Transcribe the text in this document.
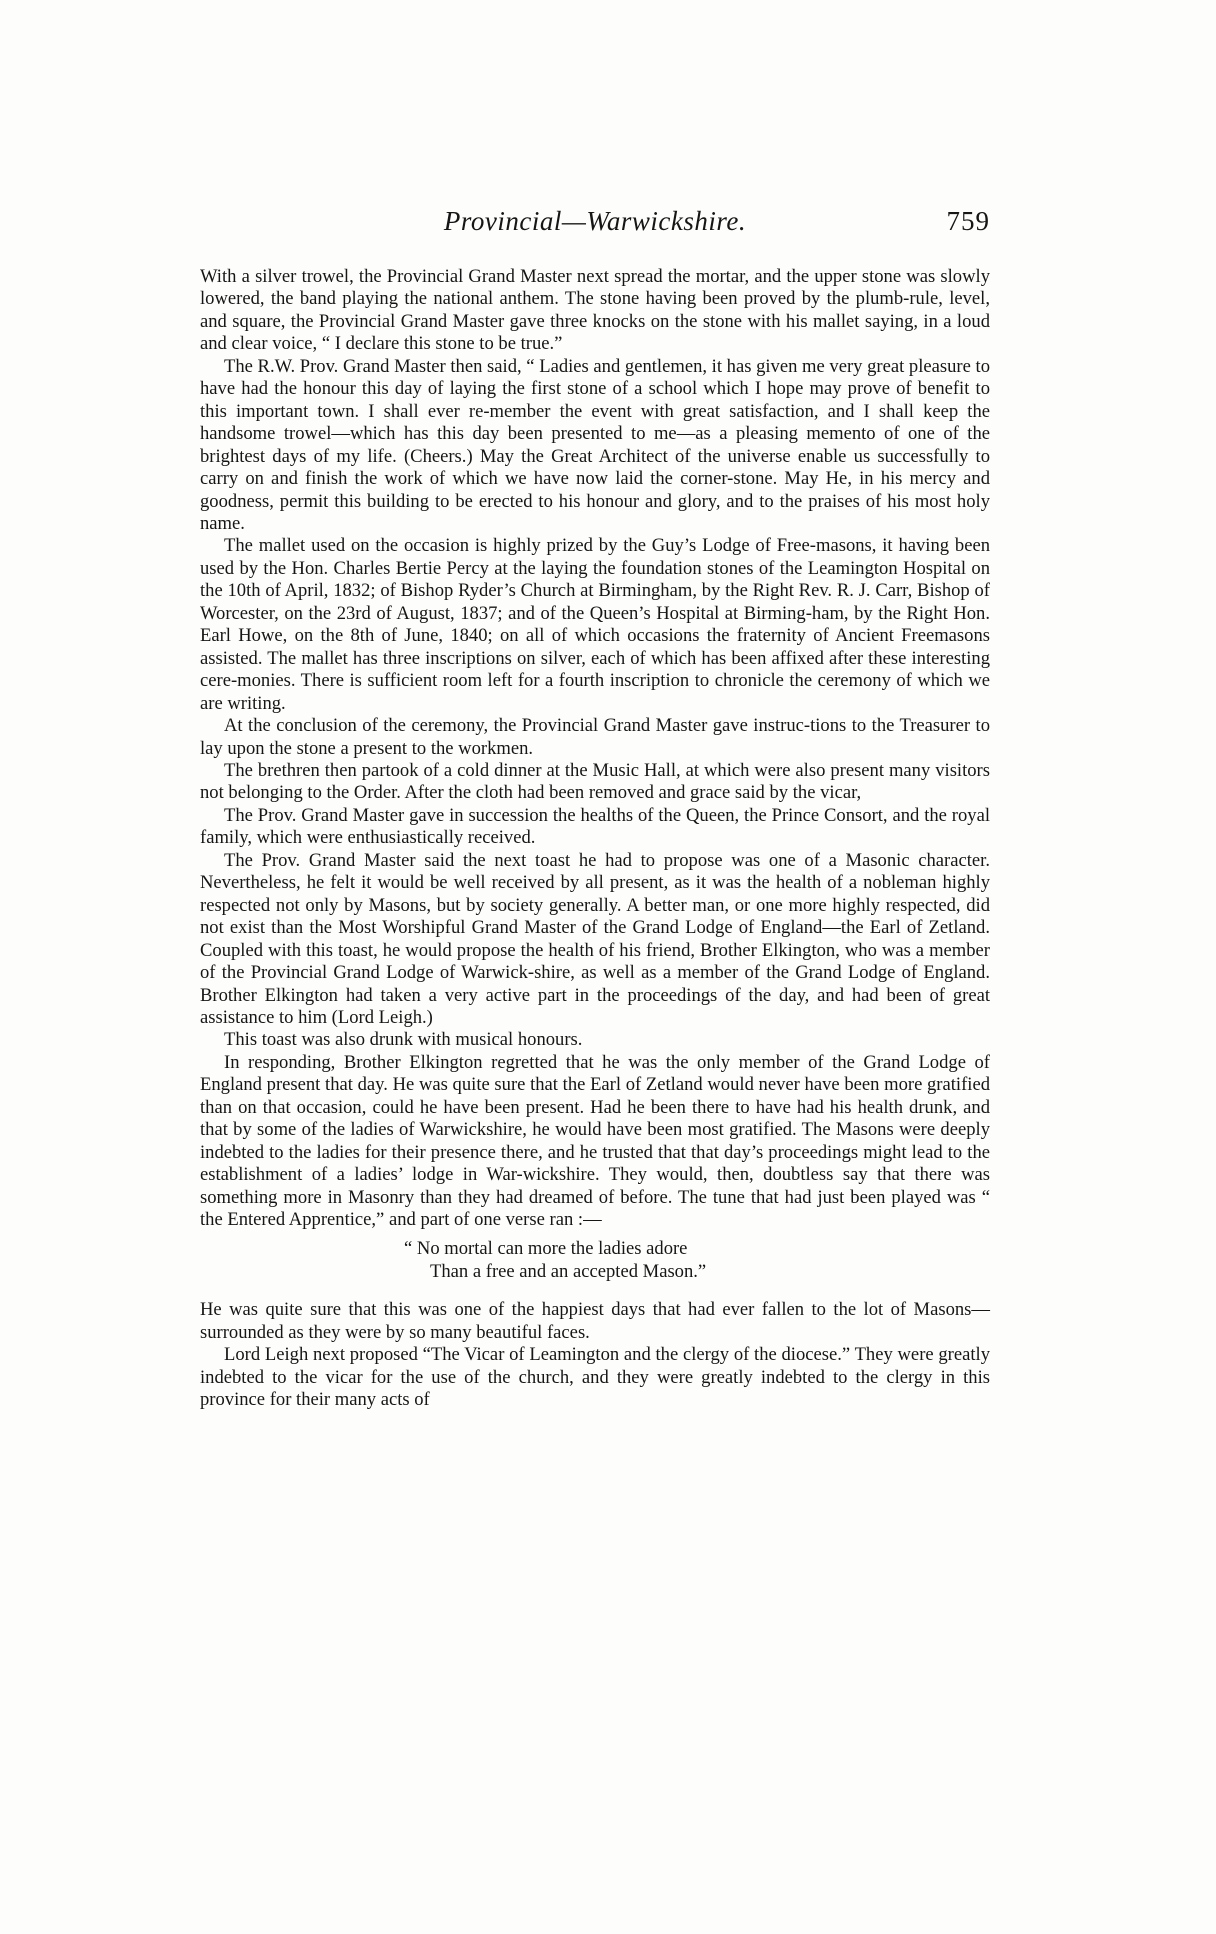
Provincial—Warwickshire.	759

With a silver trowel, the Provincial Grand Master next spread the mortar, and the upper stone was slowly lowered, the band playing the national anthem. The stone having been proved by the plumb-rule, level, and square, the Provincial Grand Master gave three knocks on the stone with his mallet saying, in a loud and clear voice, “ I declare this stone to be true.”

The R.W. Prov. Grand Master then said, “ Ladies and gentlemen, it has given me very great pleasure to have had the honour this day of laying the first stone of a school which I hope may prove of benefit to this important town. I shall ever re-member the event with great satisfaction, and I shall keep the handsome trowel—which has this day been presented to me—as a pleasing memento of one of the brightest days of my life. (Cheers.) May the Great Architect of the universe enable us successfully to carry on and finish the work of which we have now laid the corner-stone. May He, in his mercy and goodness, permit this building to be erected to his honour and glory, and to the praises of his most holy name.

The mallet used on the occasion is highly prized by the Guy’s Lodge of Free-masons, it having been used by the Hon. Charles Bertie Percy at the laying the foundation stones of the Leamington Hospital on the 10th of April, 1832; of Bishop Ryder’s Church at Birmingham, by the Right Rev. R. J. Carr, Bishop of Worcester, on the 23rd of August, 1837; and of the Queen’s Hospital at Birming-ham, by the Right Hon. Earl Howe, on the 8th of June, 1840; on all of which occasions the fraternity of Ancient Freemasons assisted. The mallet has three inscriptions on silver, each of which has been affixed after these interesting cere-monies. There is sufficient room left for a fourth inscription to chronicle the ceremony of which we are writing.

At the conclusion of the ceremony, the Provincial Grand Master gave instruc-tions to the Treasurer to lay upon the stone a present to the workmen.

The brethren then partook of a cold dinner at the Music Hall, at which were also present many visitors not belonging to the Order. After the cloth had been removed and grace said by the vicar,

The Prov. Grand Master gave in succession the healths of the Queen, the Prince Consort, and the royal family, which were enthusiastically received.

The Prov. Grand Master said the next toast he had to propose was one of a Masonic character. Nevertheless, he felt it would be well received by all present, as it was the health of a nobleman highly respected not only by Masons, but by society generally. A better man, or one more highly respected, did not exist than the Most Worshipful Grand Master of the Grand Lodge of England—the Earl of Zetland. Coupled with this toast, he would propose the health of his friend, Brother Elkington, who was a member of the Provincial Grand Lodge of Warwick-shire, as well as a member of the Grand Lodge of England. Brother Elkington had taken a very active part in the proceedings of the day, and had been of great assistance to him (Lord Leigh.)

This toast was also drunk with musical honours.

In responding, Brother Elkington regretted that he was the only member of the Grand Lodge of England present that day. He was quite sure that the Earl of Zetland would never have been more gratified than on that occasion, could he have been present. Had he been there to have had his health drunk, and that by some of the ladies of Warwickshire, he would have been most gratified. The Masons were deeply indebted to the ladies for their presence there, and he trusted that that day’s proceedings might lead to the establishment of a ladies’ lodge in War-wickshire. They would, then, doubtless say that there was something more in Masonry than they had dreamed of before. The tune that had just been played was “ the Entered Apprentice,” and part of one verse ran :—

“ No mortal can more the ladies adore
Than a free and an accepted Mason.”

He was quite sure that this was one of the happiest days that had ever fallen to the lot of Masons—surrounded as they were by so many beautiful faces.

Lord Leigh next proposed “The Vicar of Leamington and the clergy of the diocese.” They were greatly indebted to the vicar for the use of the church, and they were greatly indebted to the clergy in this province for their many acts of
